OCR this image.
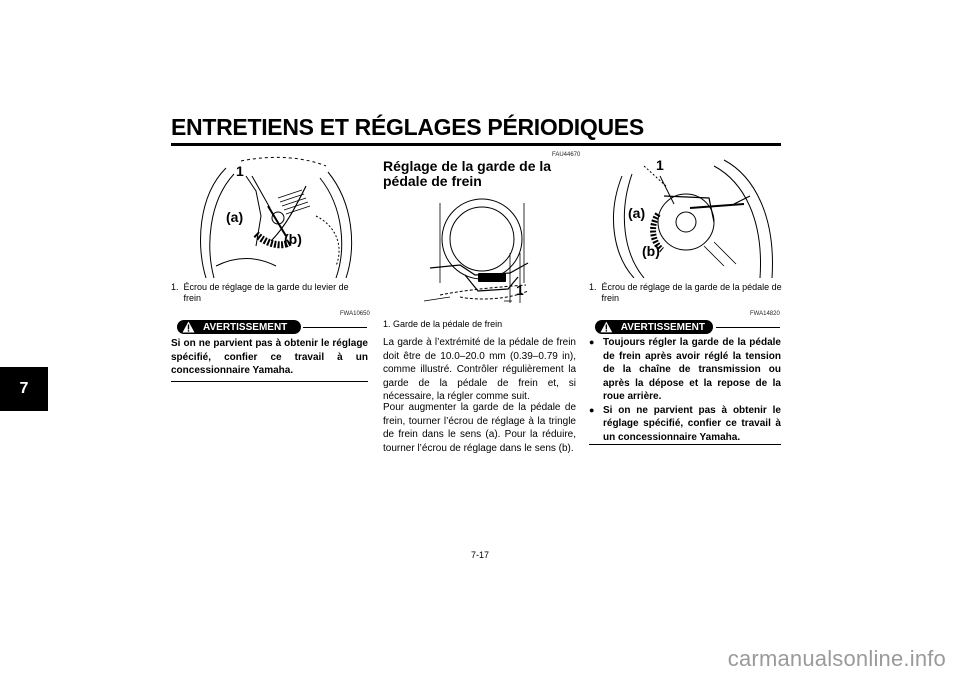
ENTRETIENS ET RÉGLAGES PÉRIODIQUES
7
1
(a)
(b)
1.  Écrou de réglage de la garde du levier de
frein
FWA10650
AVERTISSEMENT
Si on ne parvient pas à obtenir le réglage spécifié, confier ce travail à un concessionnaire Yamaha.
FAU44670
Réglage de la garde de la pédale de frein
1
1. Garde de la pédale de frein
La garde à l’extrémité de la pédale de frein doit être de 10.0–20.0 mm (0.39–0.79 in), comme illustré. Contrôler régulièrement la garde de la pédale de frein et, si nécessaire, la régler comme suit.
Pour augmenter la garde de la pédale de frein, tourner l’écrou de réglage à la tringle de frein dans le sens (a). Pour la réduire, tourner l’écrou de réglage dans le sens (b).
1
(a)
(b)
1.  Écrou de réglage de la garde de la pédale de
frein
FWA14820
AVERTISSEMENT
● Toujours régler la garde de la pédale de frein après avoir réglé la tension de la chaîne de transmission ou après la dépose et la repose de la roue arrière.
● Si on ne parvient pas à obtenir le réglage spécifié, confier ce travail à un concessionnaire Yamaha.
7-17
carmanualsonline.info
